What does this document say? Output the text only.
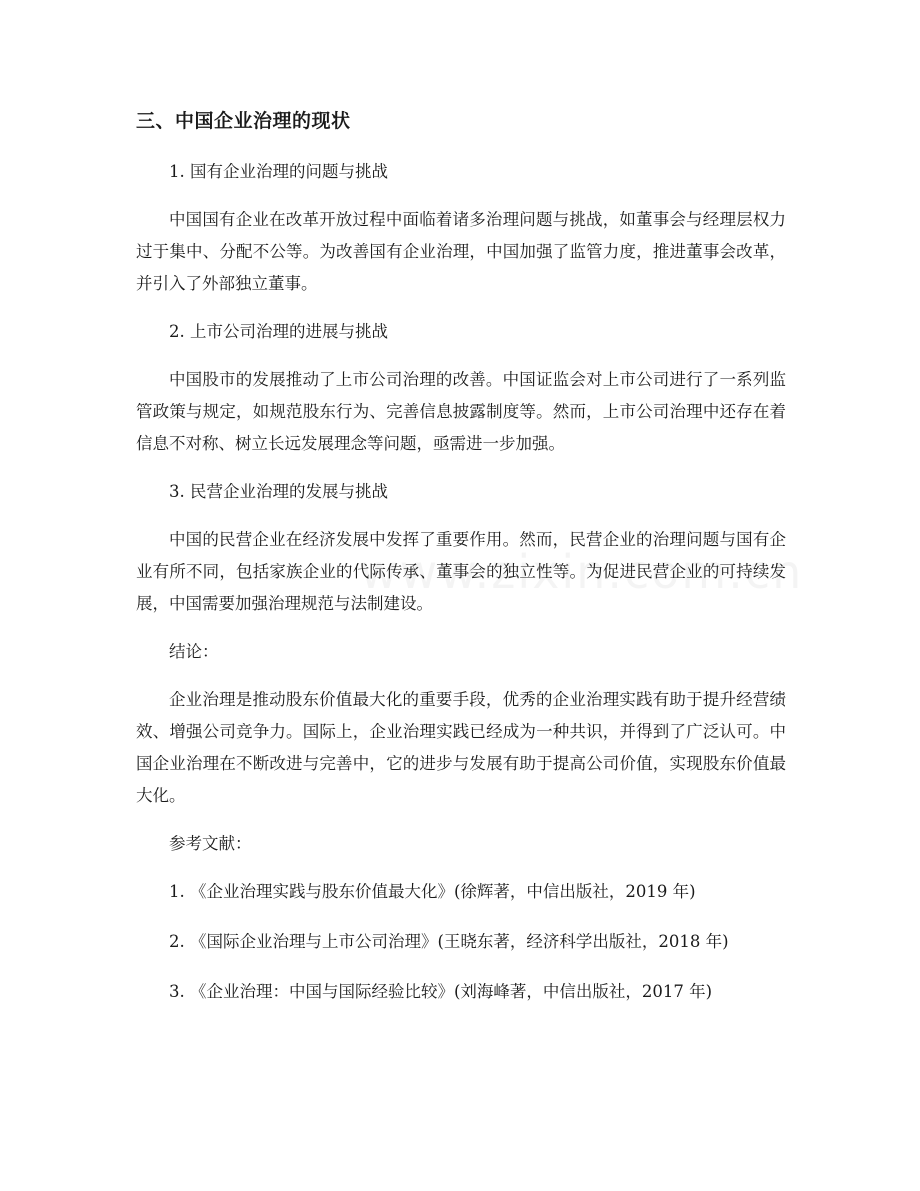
三、中国企业治理的现状

1. 国有企业治理的问题与挑战

中国国有企业在改革开放过程中面临着诸多治理问题与挑战，如董事会与经理层权力过于集中、分配不公等。为改善国有企业治理，中国加强了监管力度，推进董事会改革，并引入了外部独立董事。

2. 上市公司治理的进展与挑战

中国股市的发展推动了上市公司治理的改善。中国证监会对上市公司进行了一系列监管政策与规定，如规范股东行为、完善信息披露制度等。然而，上市公司治理中还存在着信息不对称、树立长远发展理念等问题，亟需进一步加强。

3. 民营企业治理的发展与挑战

中国的民营企业在经济发展中发挥了重要作用。然而，民营企业的治理问题与国有企业有所不同，包括家族企业的代际传承、董事会的独立性等。为促进民营企业的可持续发展，中国需要加强治理规范与法制建设。

结论：

企业治理是推动股东价值最大化的重要手段，优秀的企业治理实践有助于提升经营绩效、增强公司竞争力。国际上，企业治理实践已经成为一种共识，并得到了广泛认可。中国企业治理在不断改进与完善中，它的进步与发展有助于提高公司价值，实现股东价值最大化。

参考文献：

1. 《企业治理实践与股东价值最大化》(徐辉著，中信出版社，2019 年)

2. 《国际企业治理与上市公司治理》(王晓东著，经济科学出版社，2018 年)

3. 《企业治理：中国与国际经验比较》(刘海峰著，中信出版社，2017 年)
